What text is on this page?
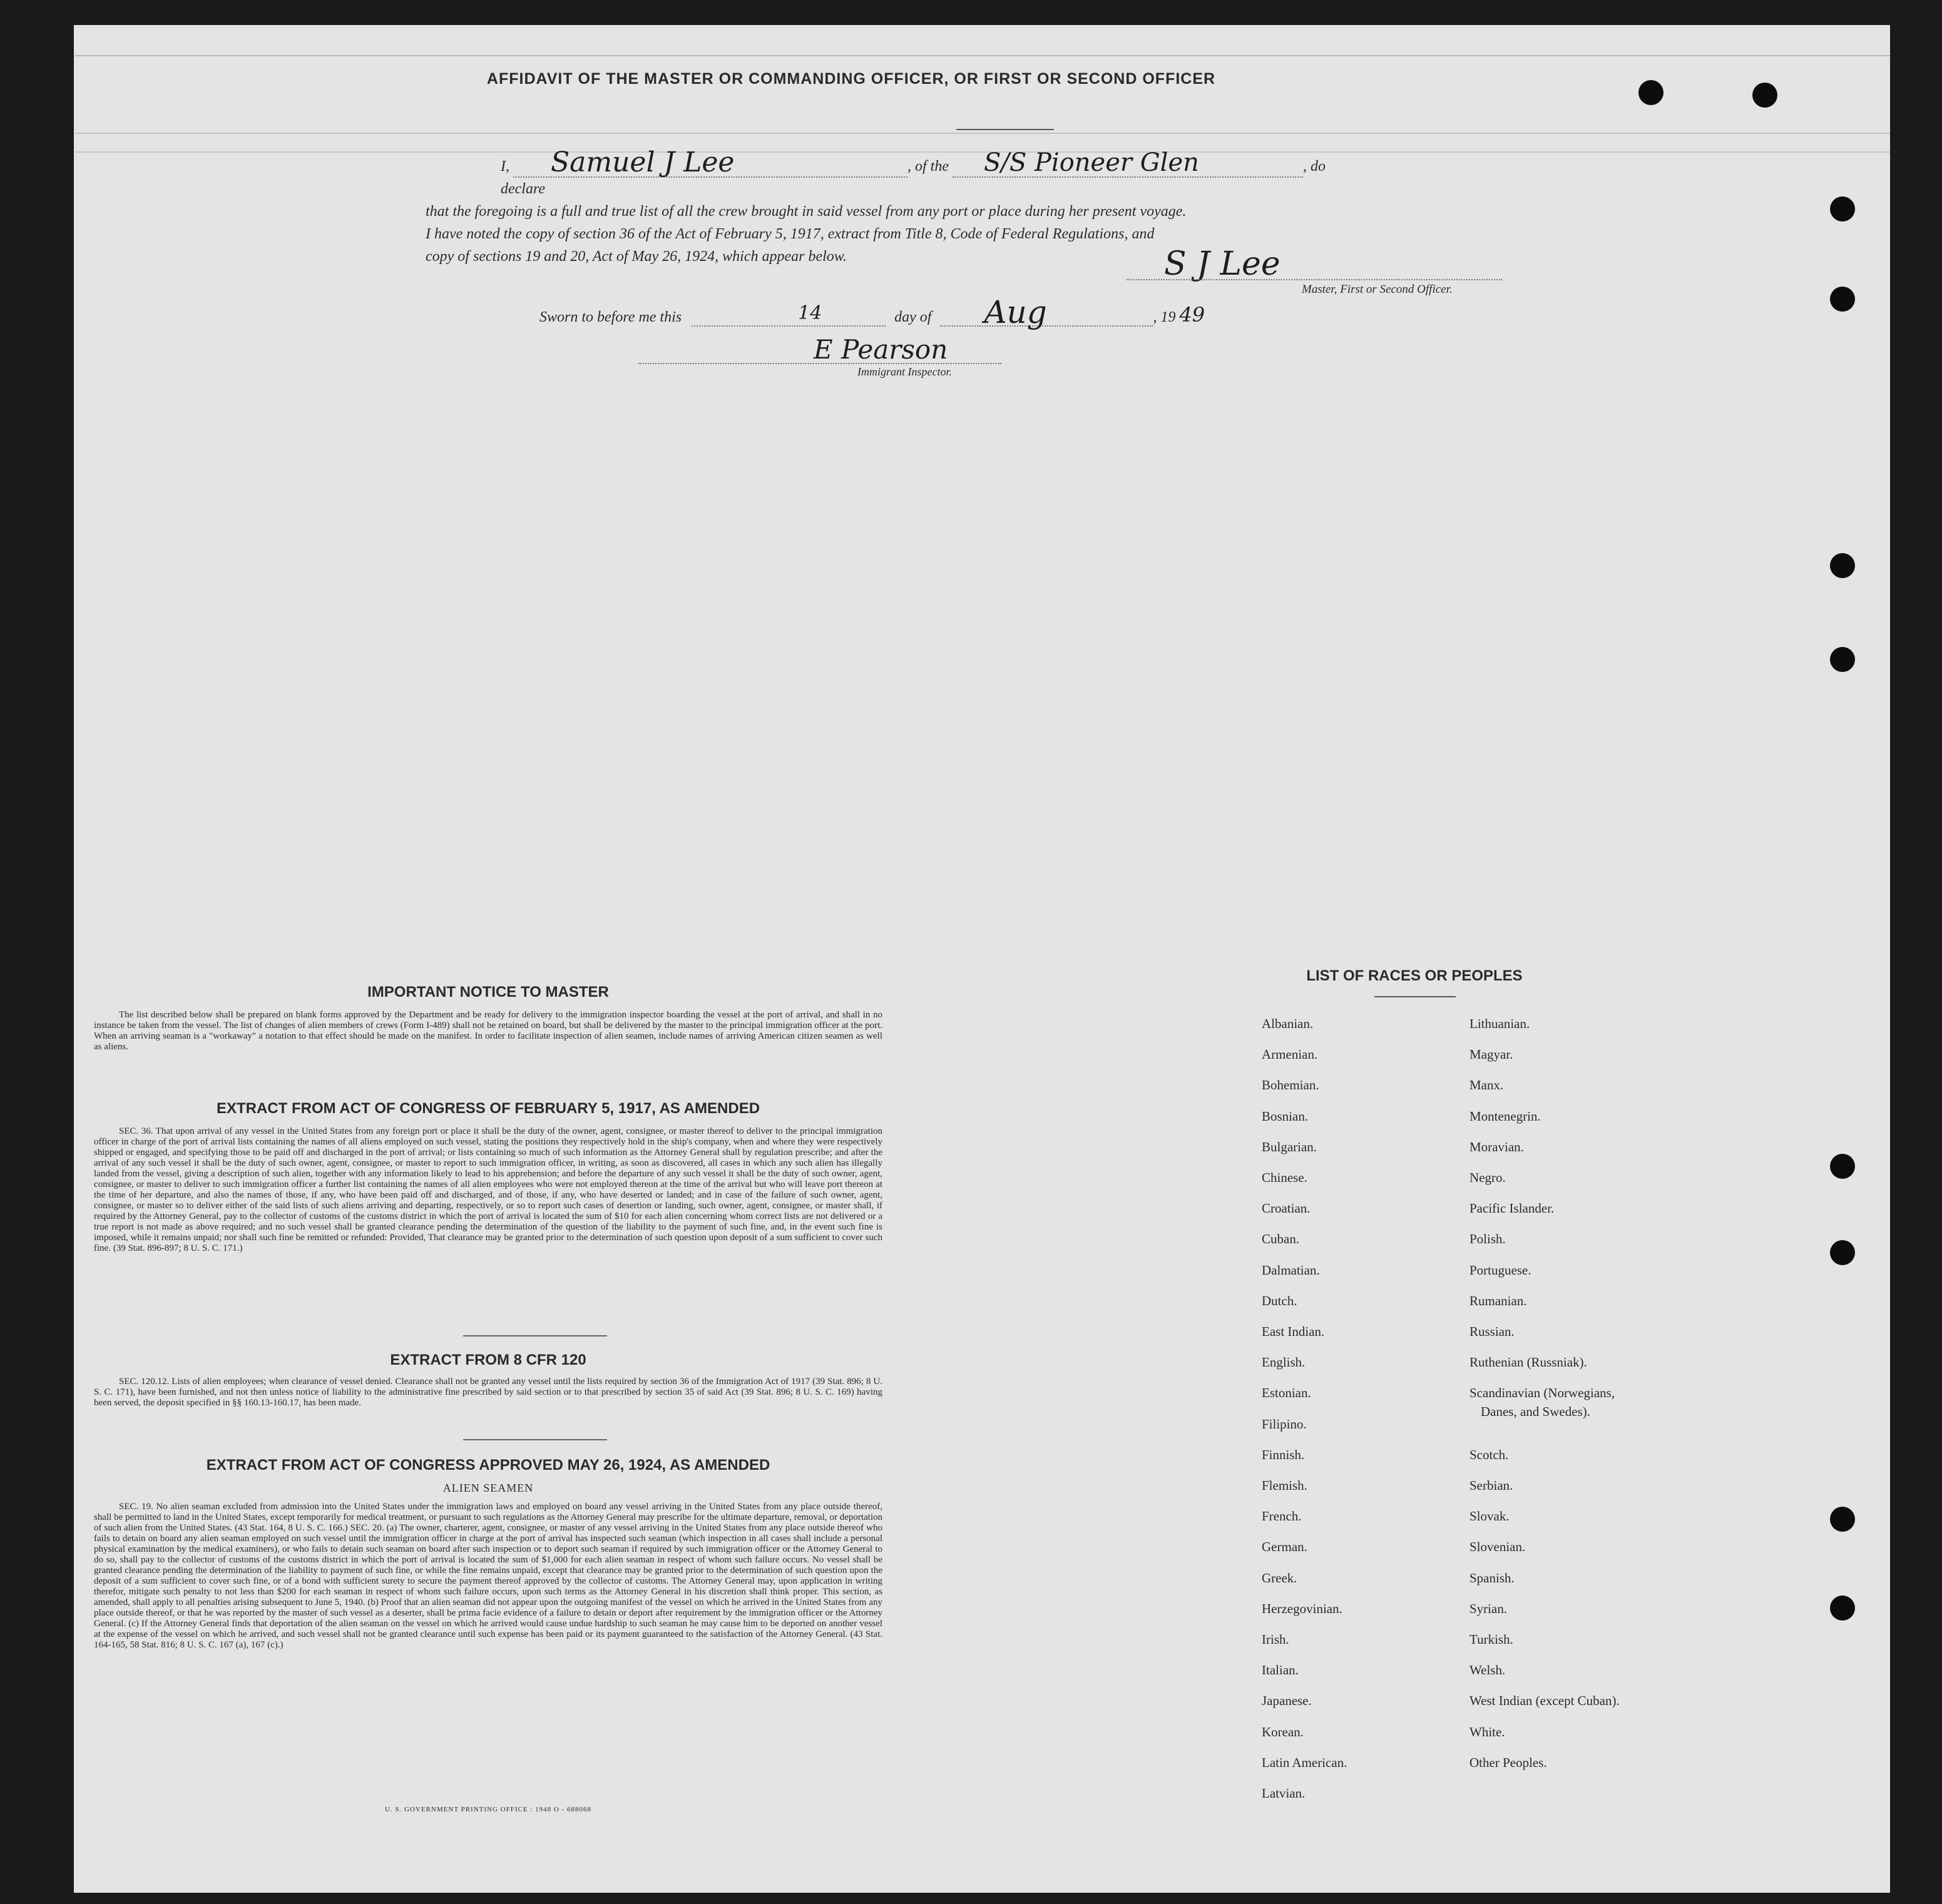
AFFIDAVIT OF THE MASTER OR COMMANDING OFFICER, OR FIRST OR SECOND OFFICER
I, Samuel J Lee	, of the S/S Pioneer Glen	, do declare
that the foregoing is a full and true list of all the crew brought in said vessel from any port or place during her present voyage.
I have noted the copy of section 36 of the Act of February 5, 1917, extract from Title 8, Code of Federal Regulations, and
copy of sections 19 and 20, Act of May 26, 1924, which appear below.	S J Lee
Master, First or Second Officer.
Sworn to before me this	14	day of Aug	, 19 49
E Pearson
Immigrant Inspector.
IMPORTANT NOTICE TO MASTER
The list described below shall be prepared on blank forms approved by the Department and be ready for delivery to the immigration inspector boarding the vessel at the port of arrival, and shall in no instance be taken from the vessel. The list of changes of alien members of crews (Form I-489) shall not be retained on board, but shall be delivered by the master to the principal immigration officer at the port. When an arriving seaman is a "workaway" a notation to that effect should be made on the manifest. In order to facilitate inspection of alien seamen, include names of arriving American citizen seamen as well as aliens.
EXTRACT FROM ACT OF CONGRESS OF FEBRUARY 5, 1917, AS AMENDED
SEC. 36. That upon arrival of any vessel in the United States from any foreign port or place it shall be the duty of the owner, agent, consignee, or master thereof to deliver to the principal immigration officer in charge of the port of arrival lists containing the names of all aliens employed on such vessel, stating the positions they respectively hold in the ship's company, when and where they were respectively shipped or engaged, and specifying those to be paid off and discharged in the port of arrival; or lists containing so much of such information as the Attorney General shall by regulation prescribe; and after the arrival of any such vessel it shall be the duty of such owner, agent, consignee, or master to report to such immigration officer, in writing, as soon as discovered, all cases in which any such alien has illegally landed from the vessel, giving a description of such alien, together with any information likely to lead to his apprehension; and before the departure of any such vessel it shall be the duty of such owner, agent, consignee, or master to deliver to such immigration officer a further list containing the names of all alien employees who were not employed thereon at the time of the arrival but who will leave port thereon at the time of her departure, and also the names of those, if any, who have been paid off and discharged, and of those, if any, who have deserted or landed; and in case of the failure of such owner, agent, consignee, or master so to deliver either of the said lists of such aliens arriving and departing, respectively, or so to report such cases of desertion or landing, such owner, agent, consignee, or master shall, if required by the Attorney General, pay to the collector of customs of the customs district in which the port of arrival is located the sum of $10 for each alien concerning whom correct lists are not delivered or a true report is not made as above required; and no such vessel shall be granted clearance pending the determination of the question of the liability to the payment of such fine, and, in the event such fine is imposed, while it remains unpaid; nor shall such fine be remitted or refunded: Provided, That clearance may be granted prior to the determination of such question upon deposit of a sum sufficient to cover such fine. (39 Stat. 896-897; 8 U. S. C. 171.)
EXTRACT FROM 8 CFR 120
SEC. 120.12. Lists of alien employees; when clearance of vessel denied. Clearance shall not be granted any vessel until the lists required by section 36 of the Immigration Act of 1917 (39 Stat. 896; 8 U. S. C. 171), have been furnished, and not then unless notice of liability to the administrative fine prescribed by said section or to that prescribed by section 35 of said Act (39 Stat. 896; 8 U. S. C. 169) having been served, the deposit specified in §§ 160.13-160.17, has been made.
EXTRACT FROM ACT OF CONGRESS APPROVED MAY 26, 1924, AS AMENDED
ALIEN SEAMEN
SEC. 19. No alien seaman excluded from admission into the United States under the immigration laws and employed on board any vessel arriving in the United States from any place outside thereof, shall be permitted to land in the United States, except temporarily for medical treatment, or pursuant to such regulations as the Attorney General may prescribe for the ultimate departure, removal, or deportation of such alien from the United States. (43 Stat. 164, 8 U. S. C. 166.) SEC. 20. (a) The owner, charterer, agent, consignee, or master of any vessel arriving in the United States from any place outside thereof who fails to detain on board any alien seaman employed on such vessel until the immigration officer in charge at the port of arrival has inspected such seaman (which inspection in all cases shall include a personal physical examination by the medical examiners), or who fails to detain such seaman on board after such inspection or to deport such seaman if required by such immigration officer or the Attorney General to do so, shall pay to the collector of customs of the customs district in which the port of arrival is located the sum of $1,000 for each alien seaman in respect of whom such failure occurs. No vessel shall be granted clearance pending the determination of the liability to payment of such fine, or while the fine remains unpaid, except that clearance may be granted prior to the determination of such question upon the deposit of a sum sufficient to cover such fine, or of a bond with sufficient surety to secure the payment thereof approved by the collector of customs. The Attorney General may, upon application in writing therefor, mitigate such penalty to not less than $200 for each seaman in respect of whom such failure occurs, upon such terms as the Attorney General in his discretion shall think proper. This section, as amended, shall apply to all penalties arising subsequent to June 5, 1940. (b) Proof that an alien seaman did not appear upon the outgoing manifest of the vessel on which he arrived in the United States from any place outside thereof, or that he was reported by the master of such vessel as a deserter, shall be prima facie evidence of a failure to detain or deport after requirement by the immigration officer or the Attorney General. (c) If the Attorney General finds that deportation of the alien seaman on the vessel on which he arrived would cause undue hardship to such seaman he may cause him to be deported on another vessel at the expense of the vessel on which he arrived, and such vessel shall not be granted clearance until such expense has been paid or its payment guaranteed to the satisfaction of the Attorney General. (43 Stat. 164-165, 58 Stat. 816; 8 U. S. C. 167 (a), 167 (c).)
U. S. GOVERNMENT PRINTING OFFICE : 1948 O - 688068
LIST OF RACES OR PEOPLES
Albanian.
Armenian.
Bohemian.
Bosnian.
Bulgarian.
Chinese.
Croatian.
Cuban.
Dalmatian.
Dutch.
East Indian.
English.
Estonian.
Filipino.
Finnish.
Flemish.
French.
German.
Greek.
Herzegovinian.
Irish.
Italian.
Japanese.
Korean.
Latin American.
Latvian.
Lithuanian.
Magyar.
Manx.
Montenegrin.
Moravian.
Negro.
Pacific Islander.
Polish.
Portuguese.
Rumanian.
Russian.
Ruthenian (Russniak).
Scandinavian (Norwegians,
Danes, and Swedes).
Scotch.
Serbian.
Slovak.
Slovenian.
Spanish.
Syrian.
Turkish.
Welsh.
West Indian (except Cuban).
White.
Other Peoples.
